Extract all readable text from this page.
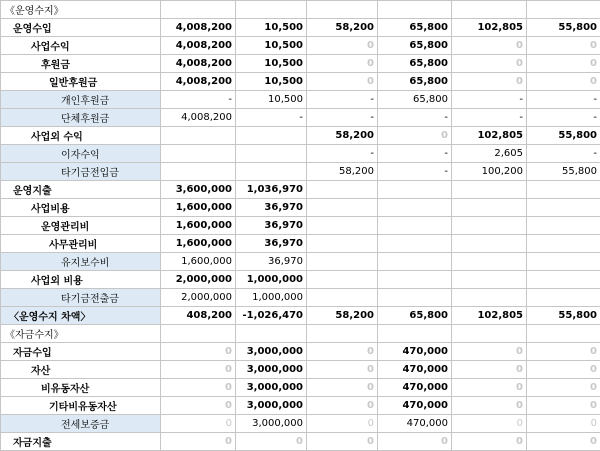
《운영수지》						
운영수입	4,008,200	10,500	58,200	65,800	102,805	55,800
사업수익	4,008,200	10,500	0	65,800	0	0
후원금	4,008,200	10,500	0	65,800	0	0
일반후원금	4,008,200	10,500	0	65,800	0	0
개인후원금	-	10,500	-	65,800	-	-
단체후원금	4,008,200	-	-	-	-	-
사업외 수익			58,200	0	102,805	55,800
이자수익			-	-	2,605	-
타기금전입금			58,200	-	100,200	55,800
운영지출	3,600,000	1,036,970				
사업비용	1,600,000	36,970				
운영관리비	1,600,000	36,970				
사무관리비	1,600,000	36,970				
유지보수비	1,600,000	36,970				
사업외 비용	2,000,000	1,000,000				
타기금전출금	2,000,000	1,000,000				
〈운영수지 차액〉	408,200	-1,026,470	58,200	65,800	102,805	55,800
《자금수지》						
자금수입	0	3,000,000	0	470,000	0	0
자산	0	3,000,000	0	470,000	0	0
비유동자산	0	3,000,000	0	470,000	0	0
기타비유동자산	0	3,000,000	0	470,000	0	0
전세보증금	0	3,000,000	0	470,000	0	0
자금지출	0	0	0	0	0	0
